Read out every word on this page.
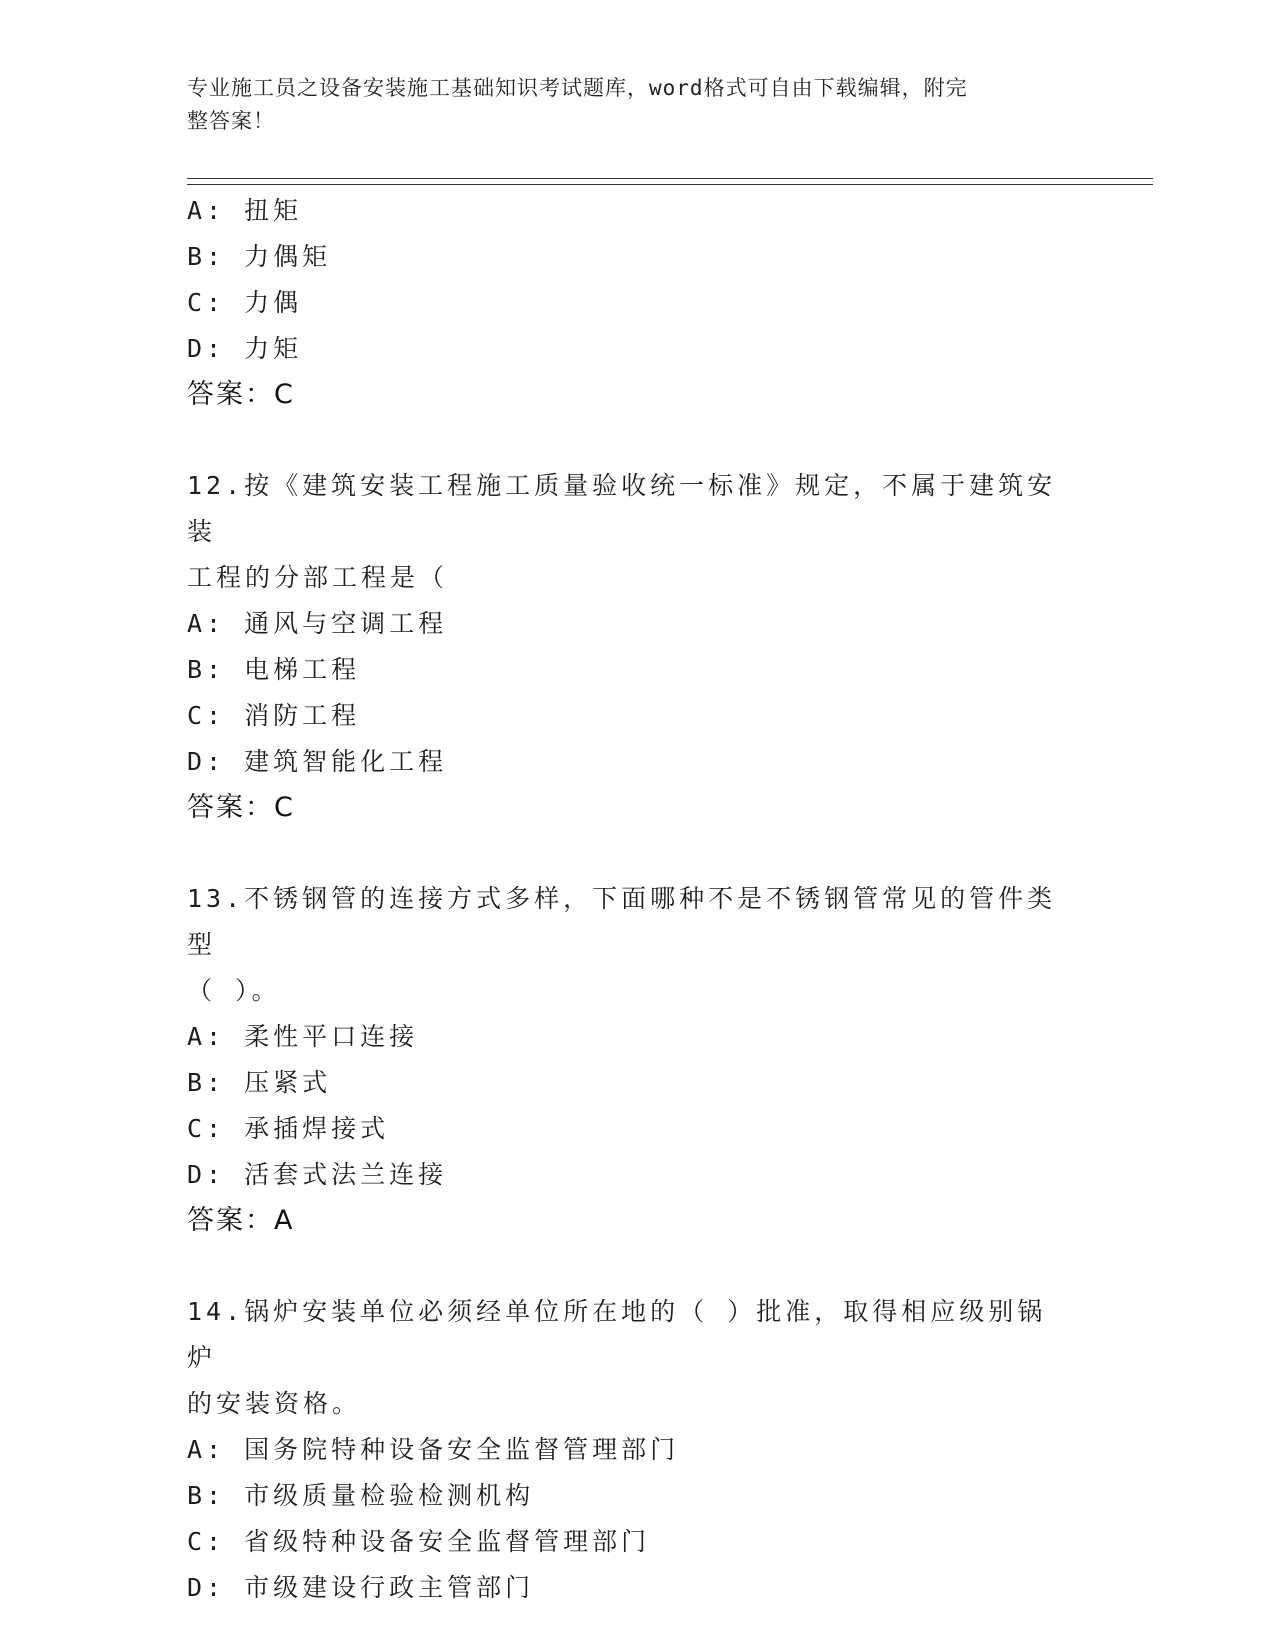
专业施工员之设备安装施工基础知识考试题库，word格式可自由下载编辑，附完
整答案！
A: 扭矩
B: 力偶矩
C: 力偶
D: 力矩
答案：C
12.按《建筑安装工程施工质量验收统一标准》规定，不属于建筑安装
工程的分部工程是（
A: 通风与空调工程
B: 电梯工程
C: 消防工程
D: 建筑智能化工程
答案：C
13.不锈钢管的连接方式多样，下面哪种不是不锈钢管常见的管件类型
（ ）。
A: 柔性平口连接
B: 压紧式
C: 承插焊接式
D: 活套式法兰连接
答案：A
14.锅炉安装单位必须经单位所在地的（ ）批准，取得相应级别锅炉
的安装资格。
A: 国务院特种设备安全监督管理部门
B: 市级质量检验检测机构
C: 省级特种设备安全监督管理部门
D: 市级建设行政主管部门
